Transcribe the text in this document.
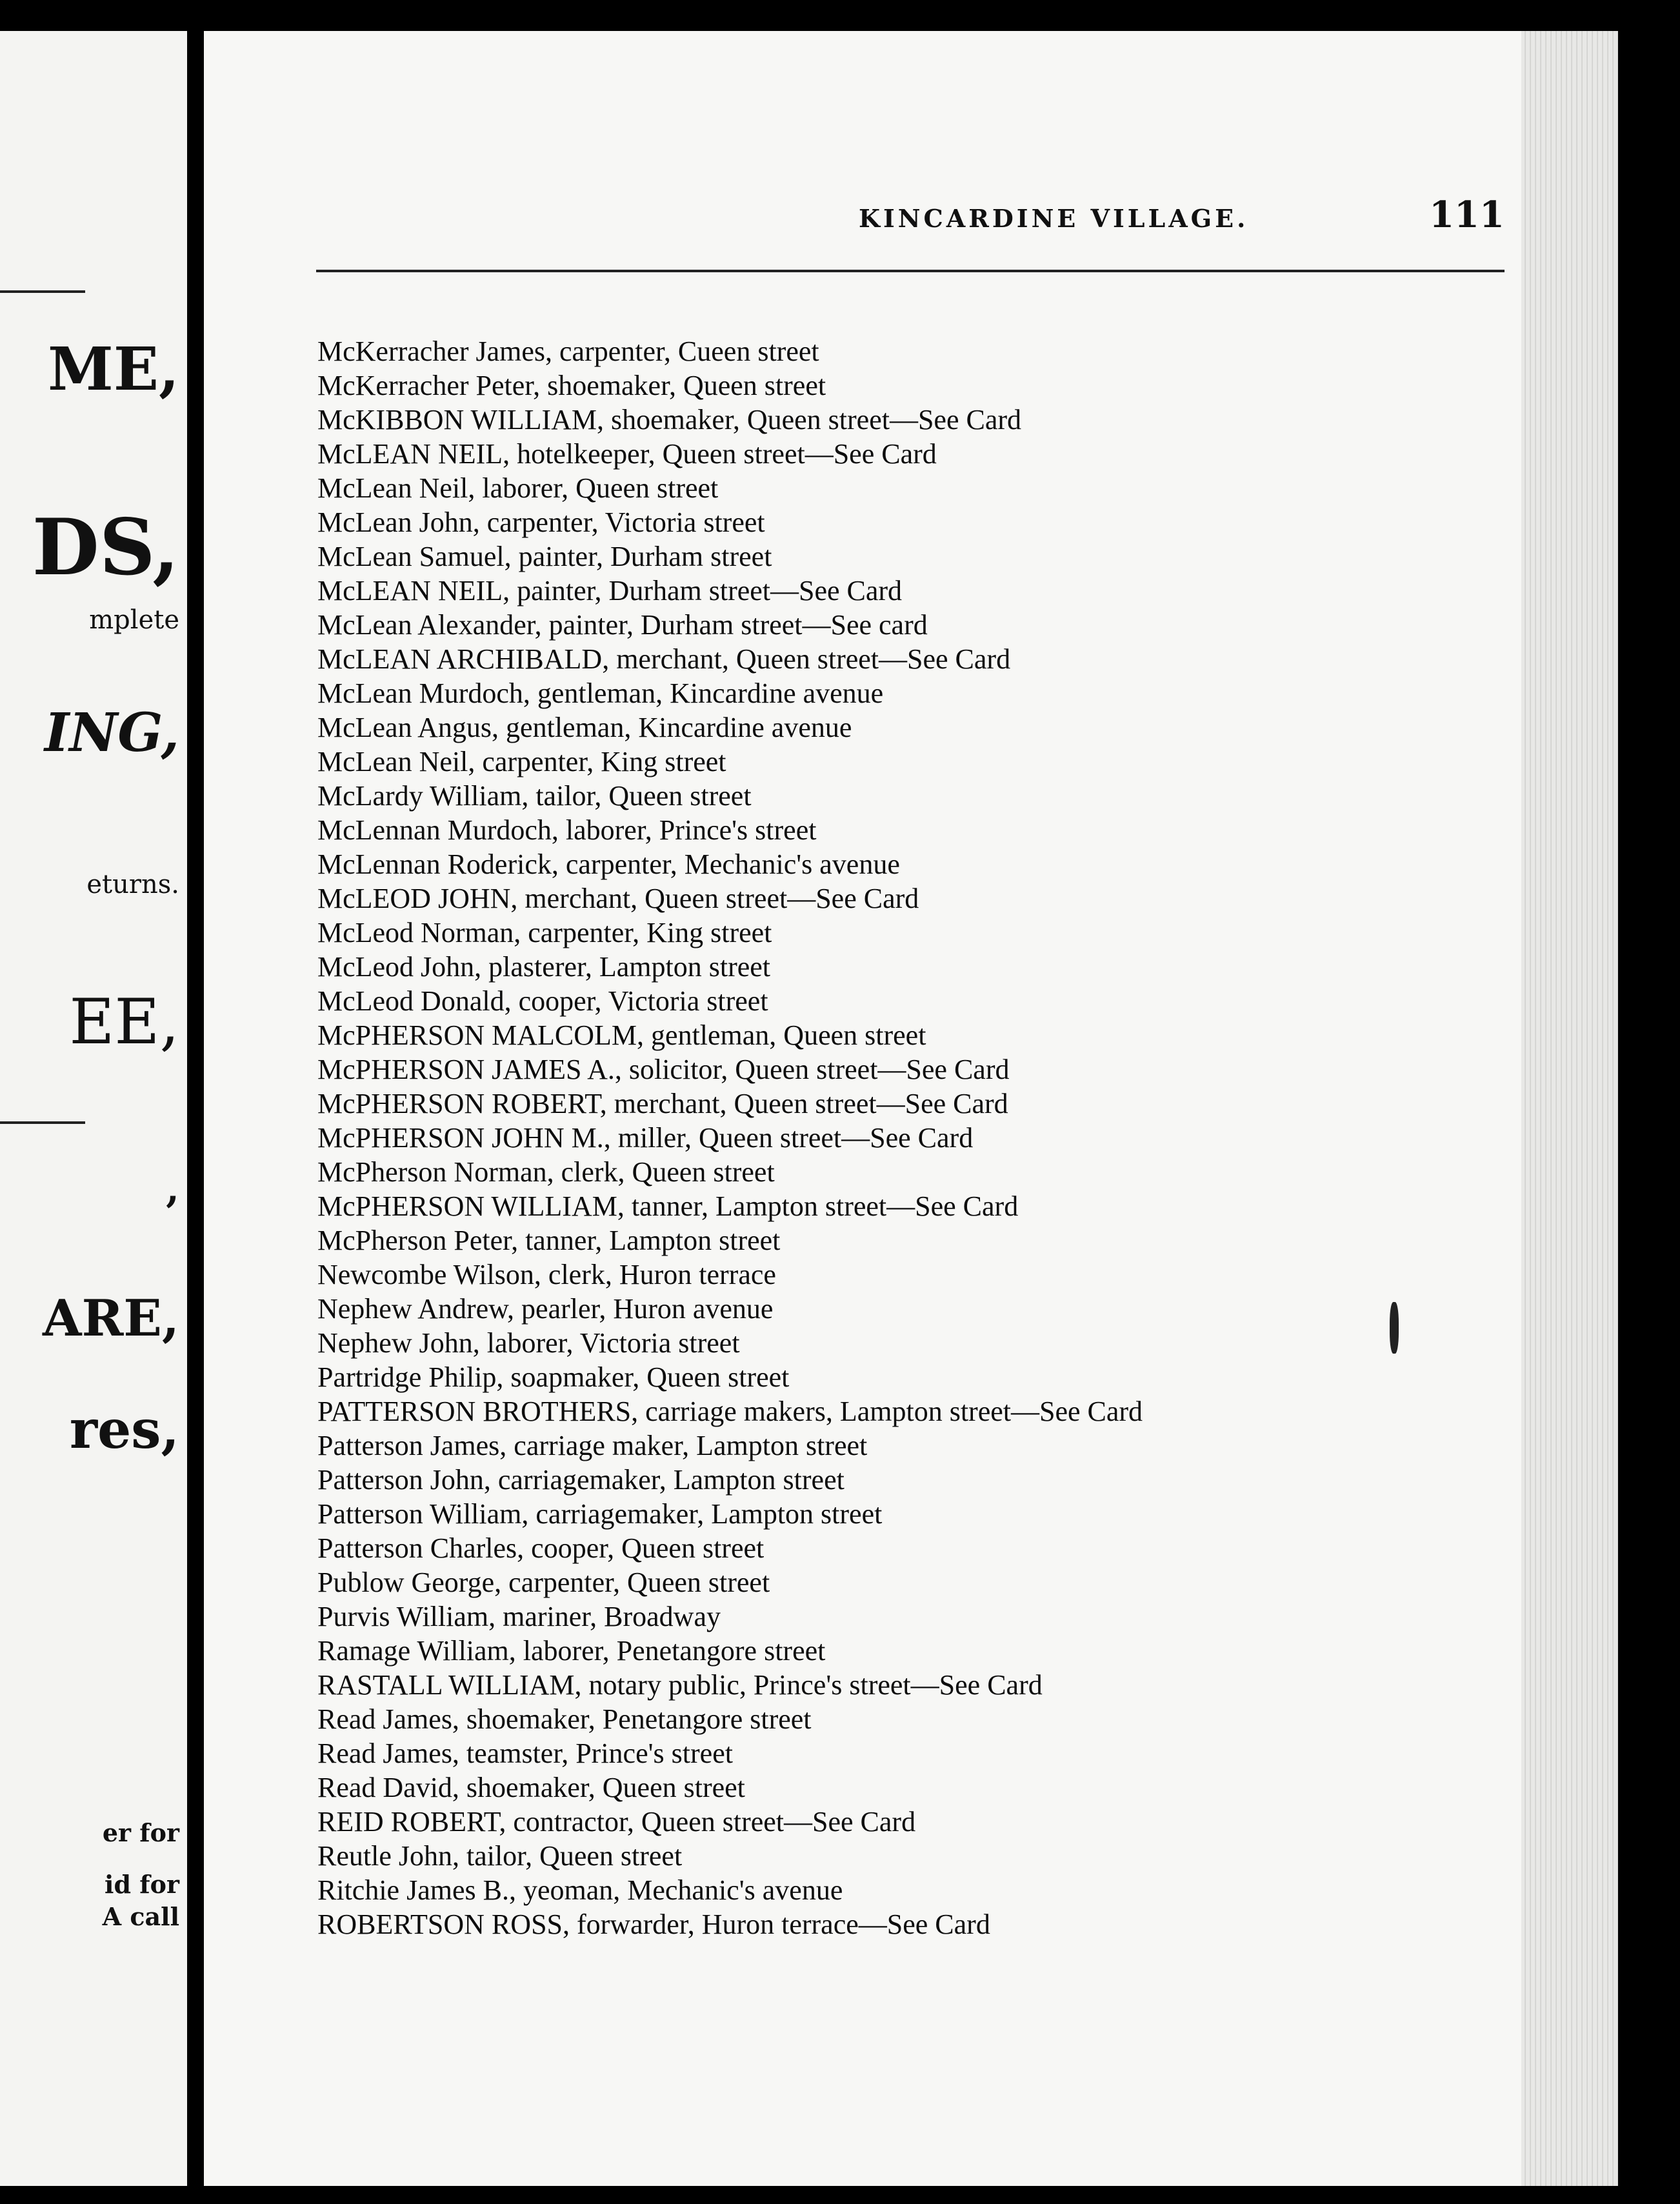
ME,
DS,
mplete
ING,
eturns.
EE,
,
ARE,
res,
er for
id for
A call
KINCARDINE VILLAGE.	111
McKerracher James, carpenter, Cueen street
McKerracher Peter, shoemaker, Queen street
McKIBBON WILLIAM, shoemaker, Queen street—See Card
McLEAN NEIL, hotelkeeper, Queen street—See Card
McLean Neil, laborer, Queen street
McLean John, carpenter, Victoria street
McLean Samuel, painter, Durham street
McLEAN NEIL, painter, Durham street—See Card
McLean Alexander, painter, Durham street—See card
McLEAN ARCHIBALD, merchant, Queen street—See Card
McLean Murdoch, gentleman, Kincardine avenue
McLean Angus, gentleman, Kincardine avenue
McLean Neil, carpenter, King street
McLardy William, tailor, Queen street
McLennan Murdoch, laborer, Prince's street
McLennan Roderick, carpenter, Mechanic's avenue
McLEOD JOHN, merchant, Queen street—See Card
McLeod Norman, carpenter, King street
McLeod John, plasterer, Lampton street
McLeod Donald, cooper, Victoria street
McPHERSON MALCOLM, gentleman, Queen street
McPHERSON JAMES A., solicitor, Queen street—See Card
McPHERSON ROBERT, merchant, Queen street—See Card
McPHERSON JOHN M., miller, Queen street—See Card
McPherson Norman, clerk, Queen street
McPHERSON WILLIAM, tanner, Lampton street—See Card
McPherson Peter, tanner, Lampton street
Newcombe Wilson, clerk, Huron terrace
Nephew Andrew, pearler, Huron avenue
Nephew John, laborer, Victoria street
Partridge Philip, soapmaker, Queen street
PATTERSON BROTHERS, carriage makers, Lampton street—See Card
Patterson James, carriage maker, Lampton street
Patterson John, carriagemaker, Lampton street
Patterson William, carriagemaker, Lampton street
Patterson Charles, cooper, Queen street
Publow George, carpenter, Queen street
Purvis William, mariner, Broadway
Ramage William, laborer, Penetangore street
RASTALL WILLIAM, notary public, Prince's street—See Card
Read James, shoemaker, Penetangore street
Read James, teamster, Prince's street
Read David, shoemaker, Queen street
REID ROBERT, contractor, Queen street—See Card
Reutle John, tailor, Queen street
Ritchie James B., yeoman, Mechanic's avenue
ROBERTSON ROSS, forwarder, Huron terrace—See Card
